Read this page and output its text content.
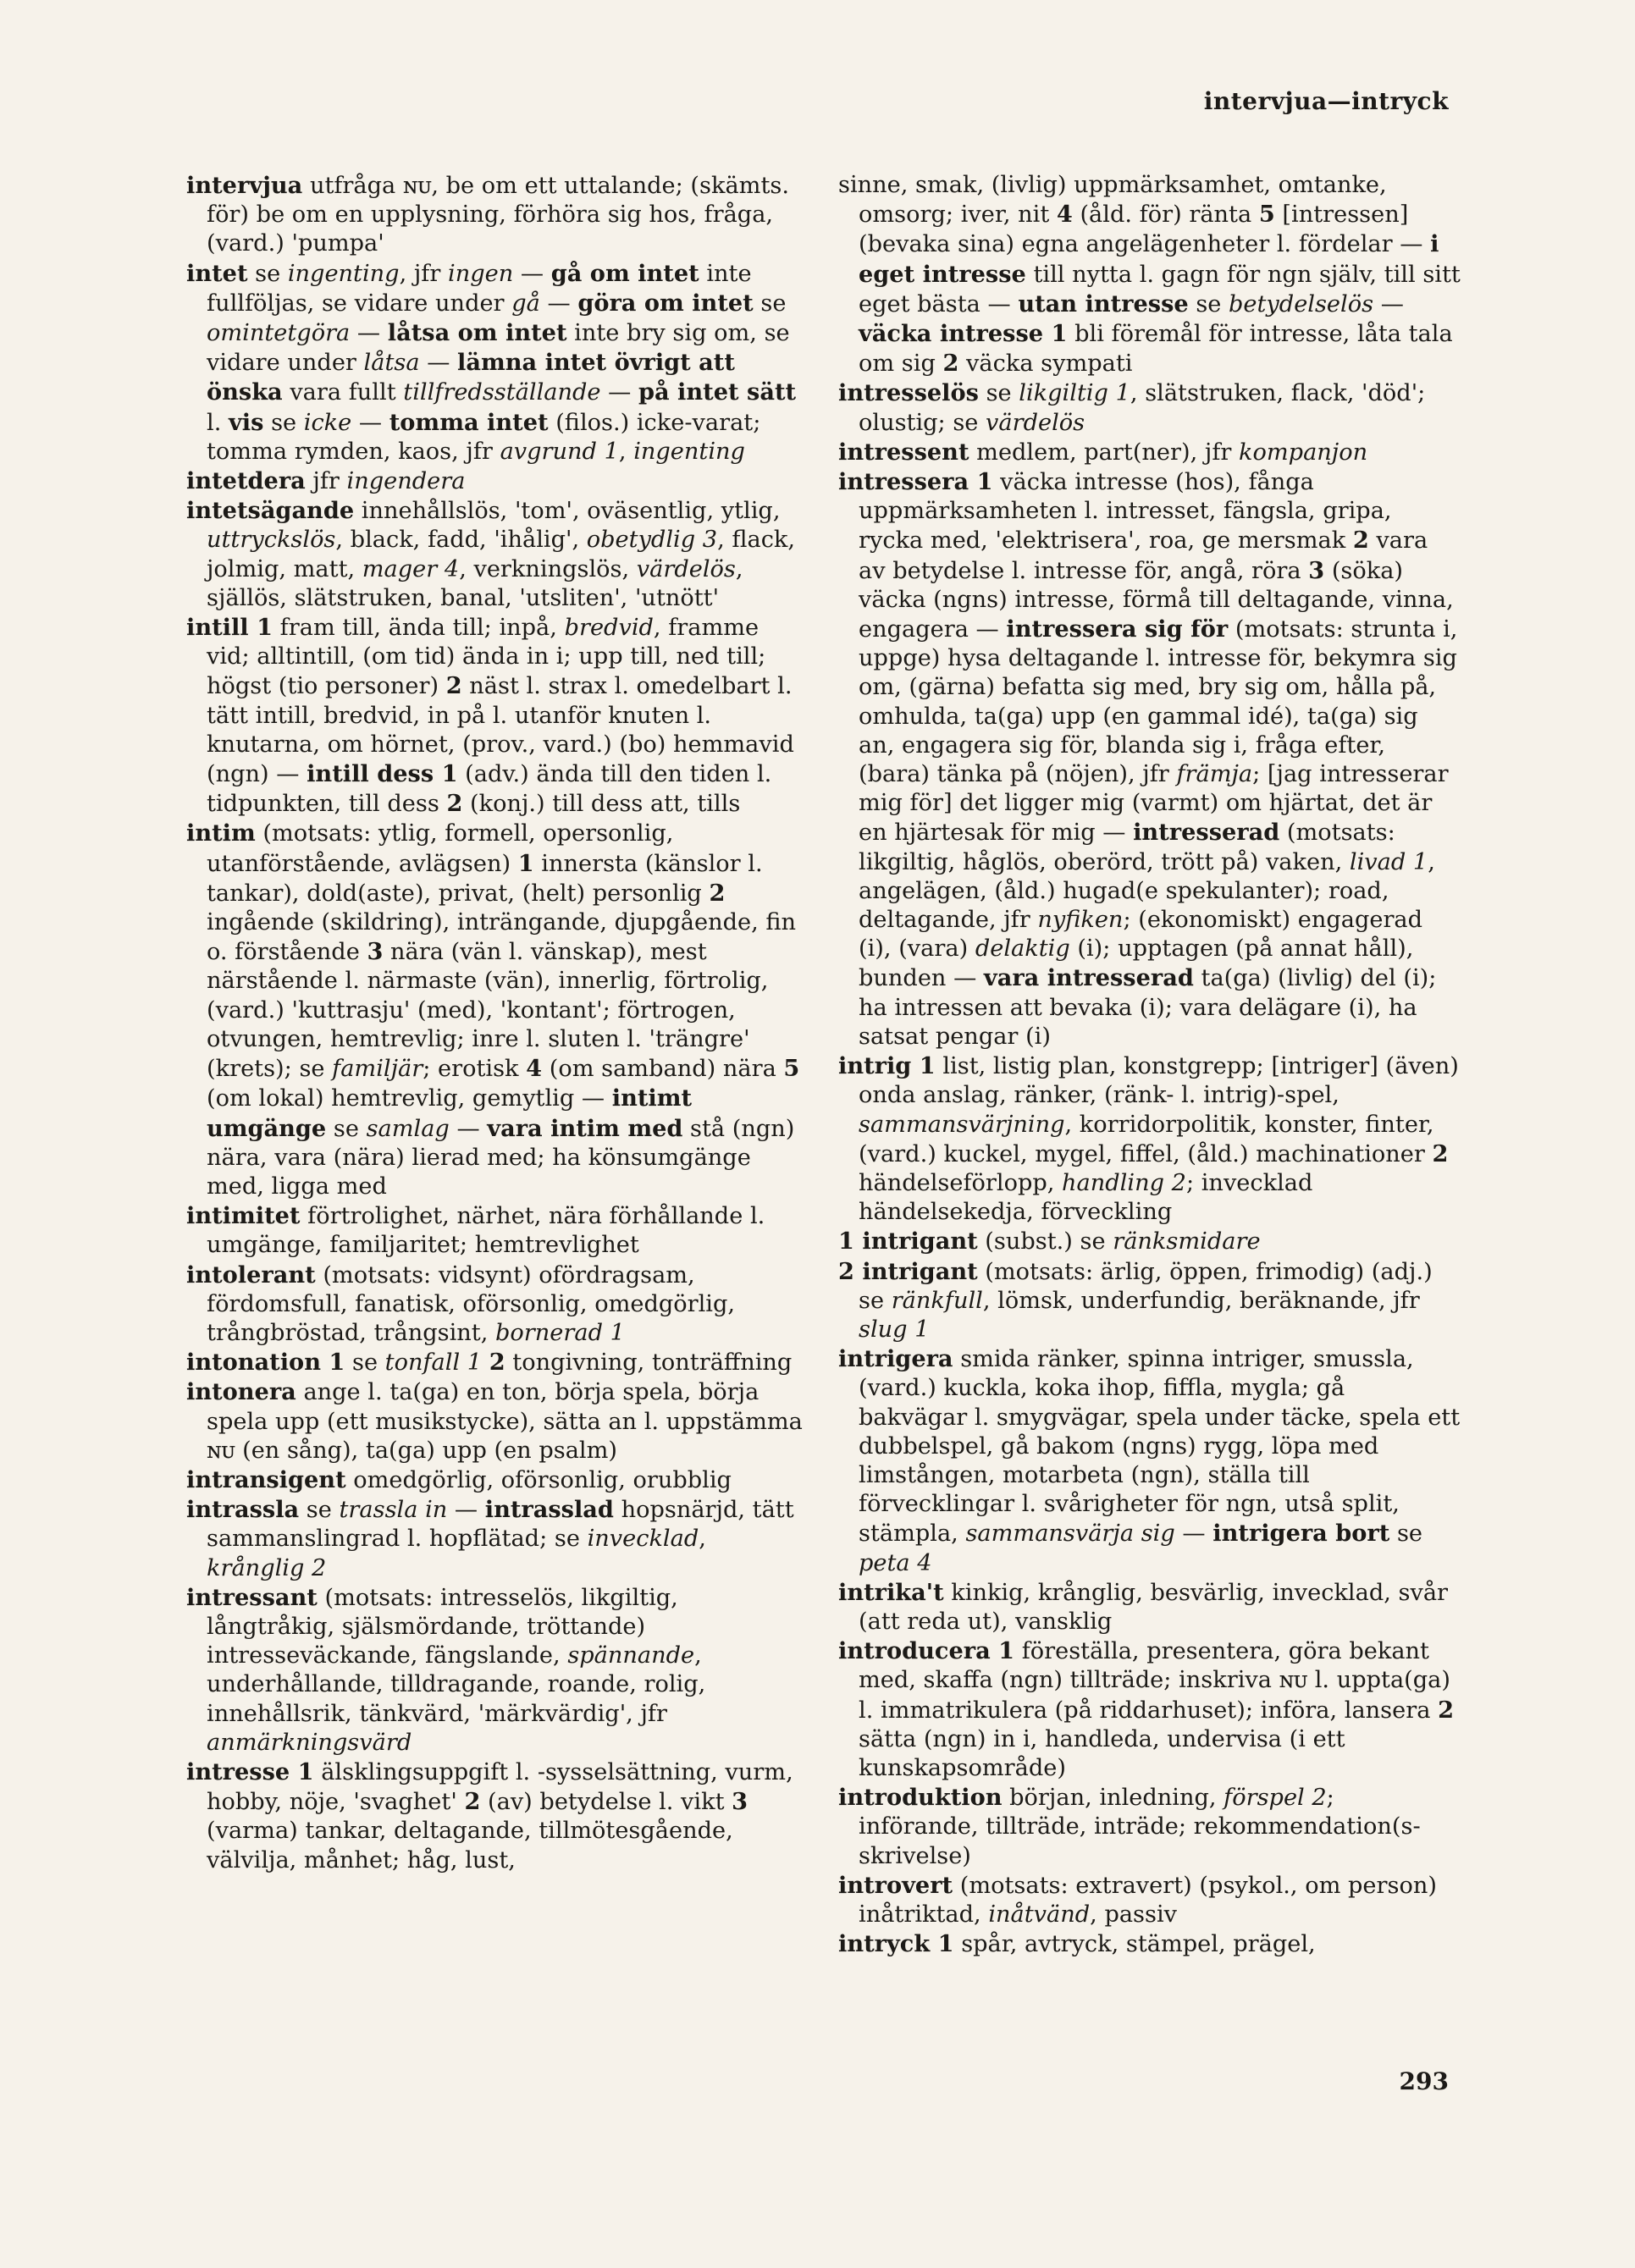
intervjua—intryck

intervjua utfråga ɴᴜ, be om ett uttalande; (skämts. för) be om en upplysning, förhöra sig hos, fråga, (vard.) 'pumpa'

intet se ingenting, jfr ingen — gå om intet inte fullföljas, se vidare under gå — göra om intet se omintetgöra — låtsa om intet inte bry sig om, se vidare under låtsa — lämna intet övrigt att önska vara fullt tillfredsställande — på intet sätt l. vis se icke — tomma intet (filos.) icke-varat; tomma rymden, kaos, jfr avgrund 1, ingenting

intetdera jfr ingendera

intetsägande innehållslös, 'tom', oväsentlig, ytlig, uttryckslös, black, fadd, 'ihålig', obetydlig 3, flack, jolmig, matt, mager 4, verkningslös, värdelös, själlös, slätstruken, banal, 'utsliten', 'utnött'

intill 1 fram till, ända till; inpå, bredvid, framme vid; alltintill, (om tid) ända in i; upp till, ned till; högst (tio personer) 2 näst l. strax l. omedelbart l. tätt intill, bredvid, in på l. utanför knuten l. knutarna, om hörnet, (prov., vard.) (bo) hemmavid (ngn) — intill dess 1 (adv.) ända till den tiden l. tidpunkten, till dess 2 (konj.) till dess att, tills

intim (motsats: ytlig, formell, opersonlig, utanförstående, avlägsen) 1 innersta (känslor l. tankar), dold(aste), privat, (helt) personlig 2 ingående (skildring), inträngande, djupgående, fin o. förstående 3 nära (vän l. vänskap), mest närstående l. närmaste (vän), innerlig, förtrolig, (vard.) 'kuttrasju' (med), 'kontant'; förtrogen, otvungen, hemtrevlig; inre l. sluten l. 'trängre' (krets); se familjär; erotisk 4 (om samband) nära 5 (om lokal) hemtrevlig, gemytlig — intimt umgänge se samlag — vara intim med stå (ngn) nära, vara (nära) lierad med; ha könsumgänge med, ligga med

intimitet förtrolighet, närhet, nära förhållande l. umgänge, familjaritet; hemtrevlighet

intolerant (motsats: vidsynt) ofördragsam, fördomsfull, fanatisk, oförsonlig, omedgörlig, trångbröstad, trångsint, bornerad 1

intonation 1 se tonfall 1 2 tongivning, tonträffning

intonera ange l. ta(ga) en ton, börja spela, börja spela upp (ett musikstycke), sätta an l. uppstämma ɴᴜ (en sång), ta(ga) upp (en psalm)

intransigent omedgörlig, oförsonlig, orubblig

intrassla se trassla in — intrasslad hopsnärjd, tätt sammanslingrad l. hopflätad; se invecklad, krånglig 2

intressant (motsats: intresselös, likgiltig, långtråkig, själsmördande, tröttande) intresseväckande, fängslande, spännande, underhållande, tilldragande, roande, rolig, innehållsrik, tänkvärd, 'märkvärdig', jfr anmärkningsvärd

intresse 1 älsklingsuppgift l. -sysselsättning, vurm, hobby, nöje, 'svaghet' 2 (av) betydelse l. vikt 3 (varma) tankar, deltagande, tillmötesgående, välvilja, månhet; håg, lust,

sinne, smak, (livlig) uppmärksamhet, omtanke, omsorg; iver, nit 4 (åld. för) ränta 5 [intressen] (bevaka sina) egna angelägenheter l. fördelar — i eget intresse till nytta l. gagn för ngn själv, till sitt eget bästa — utan intresse se betydelselös — väcka intresse 1 bli föremål för intresse, låta tala om sig 2 väcka sympati

intresselös se likgiltig 1, slätstruken, flack, 'död'; olustig; se värdelös

intressent medlem, part(ner), jfr kompanjon

intressera 1 väcka intresse (hos), fånga uppmärksamheten l. intresset, fängsla, gripa, rycka med, 'elektrisera', roa, ge mersmak 2 vara av betydelse l. intresse för, angå, röra 3 (söka) väcka (ngns) intresse, förmå till deltagande, vinna, engagera — intressera sig för (motsats: strunta i, uppge) hysa deltagande l. intresse för, bekymra sig om, (gärna) befatta sig med, bry sig om, hålla på, omhulda, ta(ga) upp (en gammal idé), ta(ga) sig an, engagera sig för, blanda sig i, fråga efter, (bara) tänka på (nöjen), jfr främja; [jag intresserar mig för] det ligger mig (varmt) om hjärtat, det är en hjärtesak för mig — intresserad (motsats: likgiltig, håglös, oberörd, trött på) vaken, livad 1, angelägen, (åld.) hugad(e spekulanter); road, deltagande, jfr nyfiken; (ekonomiskt) engagerad (i), (vara) delaktig (i); upptagen (på annat håll), bunden — vara intresserad ta(ga) (livlig) del (i); ha intressen att bevaka (i); vara delägare (i), ha satsat pengar (i)

intrig 1 list, listig plan, konstgrepp; [intriger] (även) onda anslag, ränker, (ränk- l. intrig)-spel, sammansvärjning, korridorpolitik, konster, finter, (vard.) kuckel, mygel, fiffel, (åld.) machinationer 2 händelseförlopp, handling 2; invecklad händelsekedja, förveckling

1 intrigant (subst.) se ränksmidare

2 intrigant (motsats: ärlig, öppen, frimodig) (adj.) se ränkfull, lömsk, underfundig, beräknande, jfr slug 1

intrigera smida ränker, spinna intriger, smussla, (vard.) kuckla, koka ihop, fiffla, mygla; gå bakvägar l. smygvägar, spela under täcke, spela ett dubbelspel, gå bakom (ngns) rygg, löpa med limstången, motarbeta (ngn), ställa till förvecklingar l. svårigheter för ngn, utså split, stämpla, sammansvärja sig — intrigera bort se peta 4

intrika't kinkig, krånglig, besvärlig, invecklad, svår (att reda ut), vansklig

introducera 1 föreställa, presentera, göra bekant med, skaffa (ngn) tillträde; inskriva ɴᴜ l. uppta(ga) l. immatrikulera (på riddarhuset); införa, lansera 2 sätta (ngn) in i, handleda, undervisa (i ett kunskapsområde)

introduktion början, inledning, förspel 2; införande, tillträde, inträde; rekommendation(s-skrivelse)

introvert (motsats: extravert) (psykol., om person) inåtriktad, inåtvänd, passiv

intryck 1 spår, avtryck, stämpel, prägel,

293
